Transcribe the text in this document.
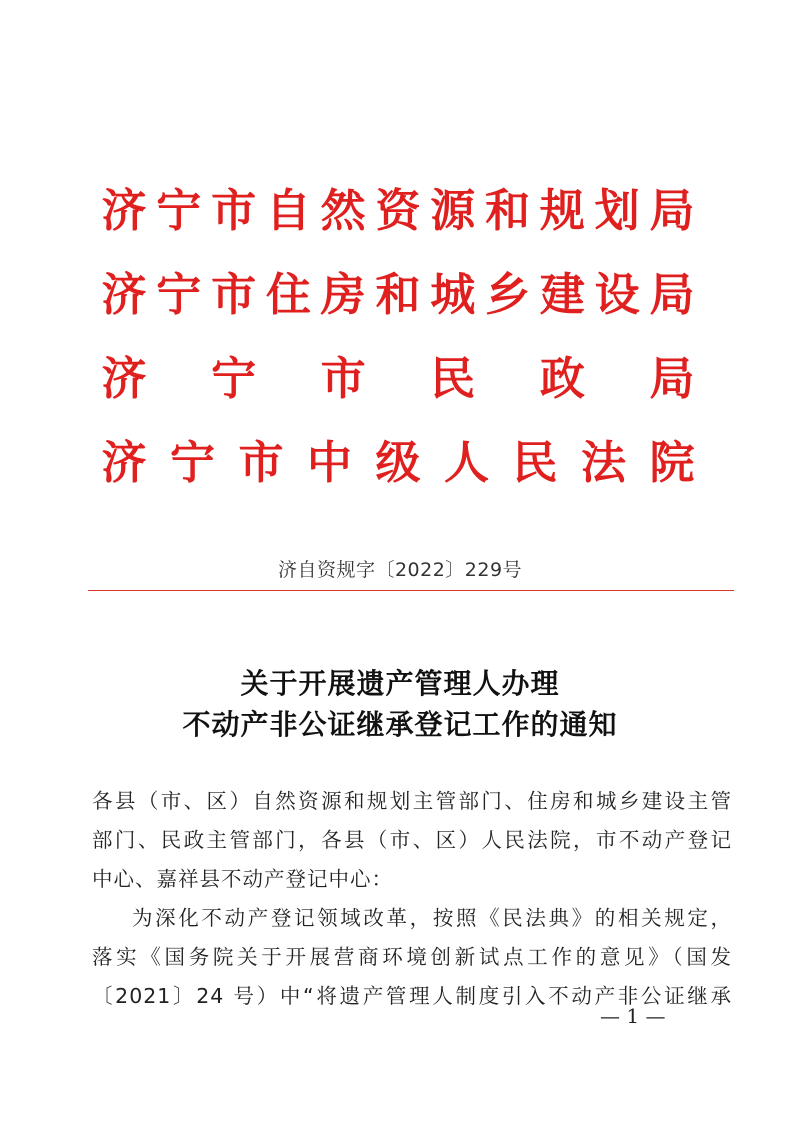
济 宁 市 自 然 资 源 和 规 划 局
济 宁 市 住 房 和 城 乡 建 设 局
济 宁 市 民 政 局
济 宁 市 中 级 人 民 法 院
济自资规字〔2022〕229号
关于开展遗产管理人办理
不动产非公证继承登记工作的通知
各县（市、区）自然资源和规划主管部门、住房和城乡建设主管
部门、民政主管部门，各县（市、区）人民法院，市不动产登记
中心、嘉祥县不动产登记中心：
为深化不动产登记领域改革，按照《民法典》的相关规定，
落实《国务院关于开展营商环境创新试点工作的意见》（国发
〔2021〕24 号）中“将遗产管理人制度引入不动产非公证继承
— 1 —
